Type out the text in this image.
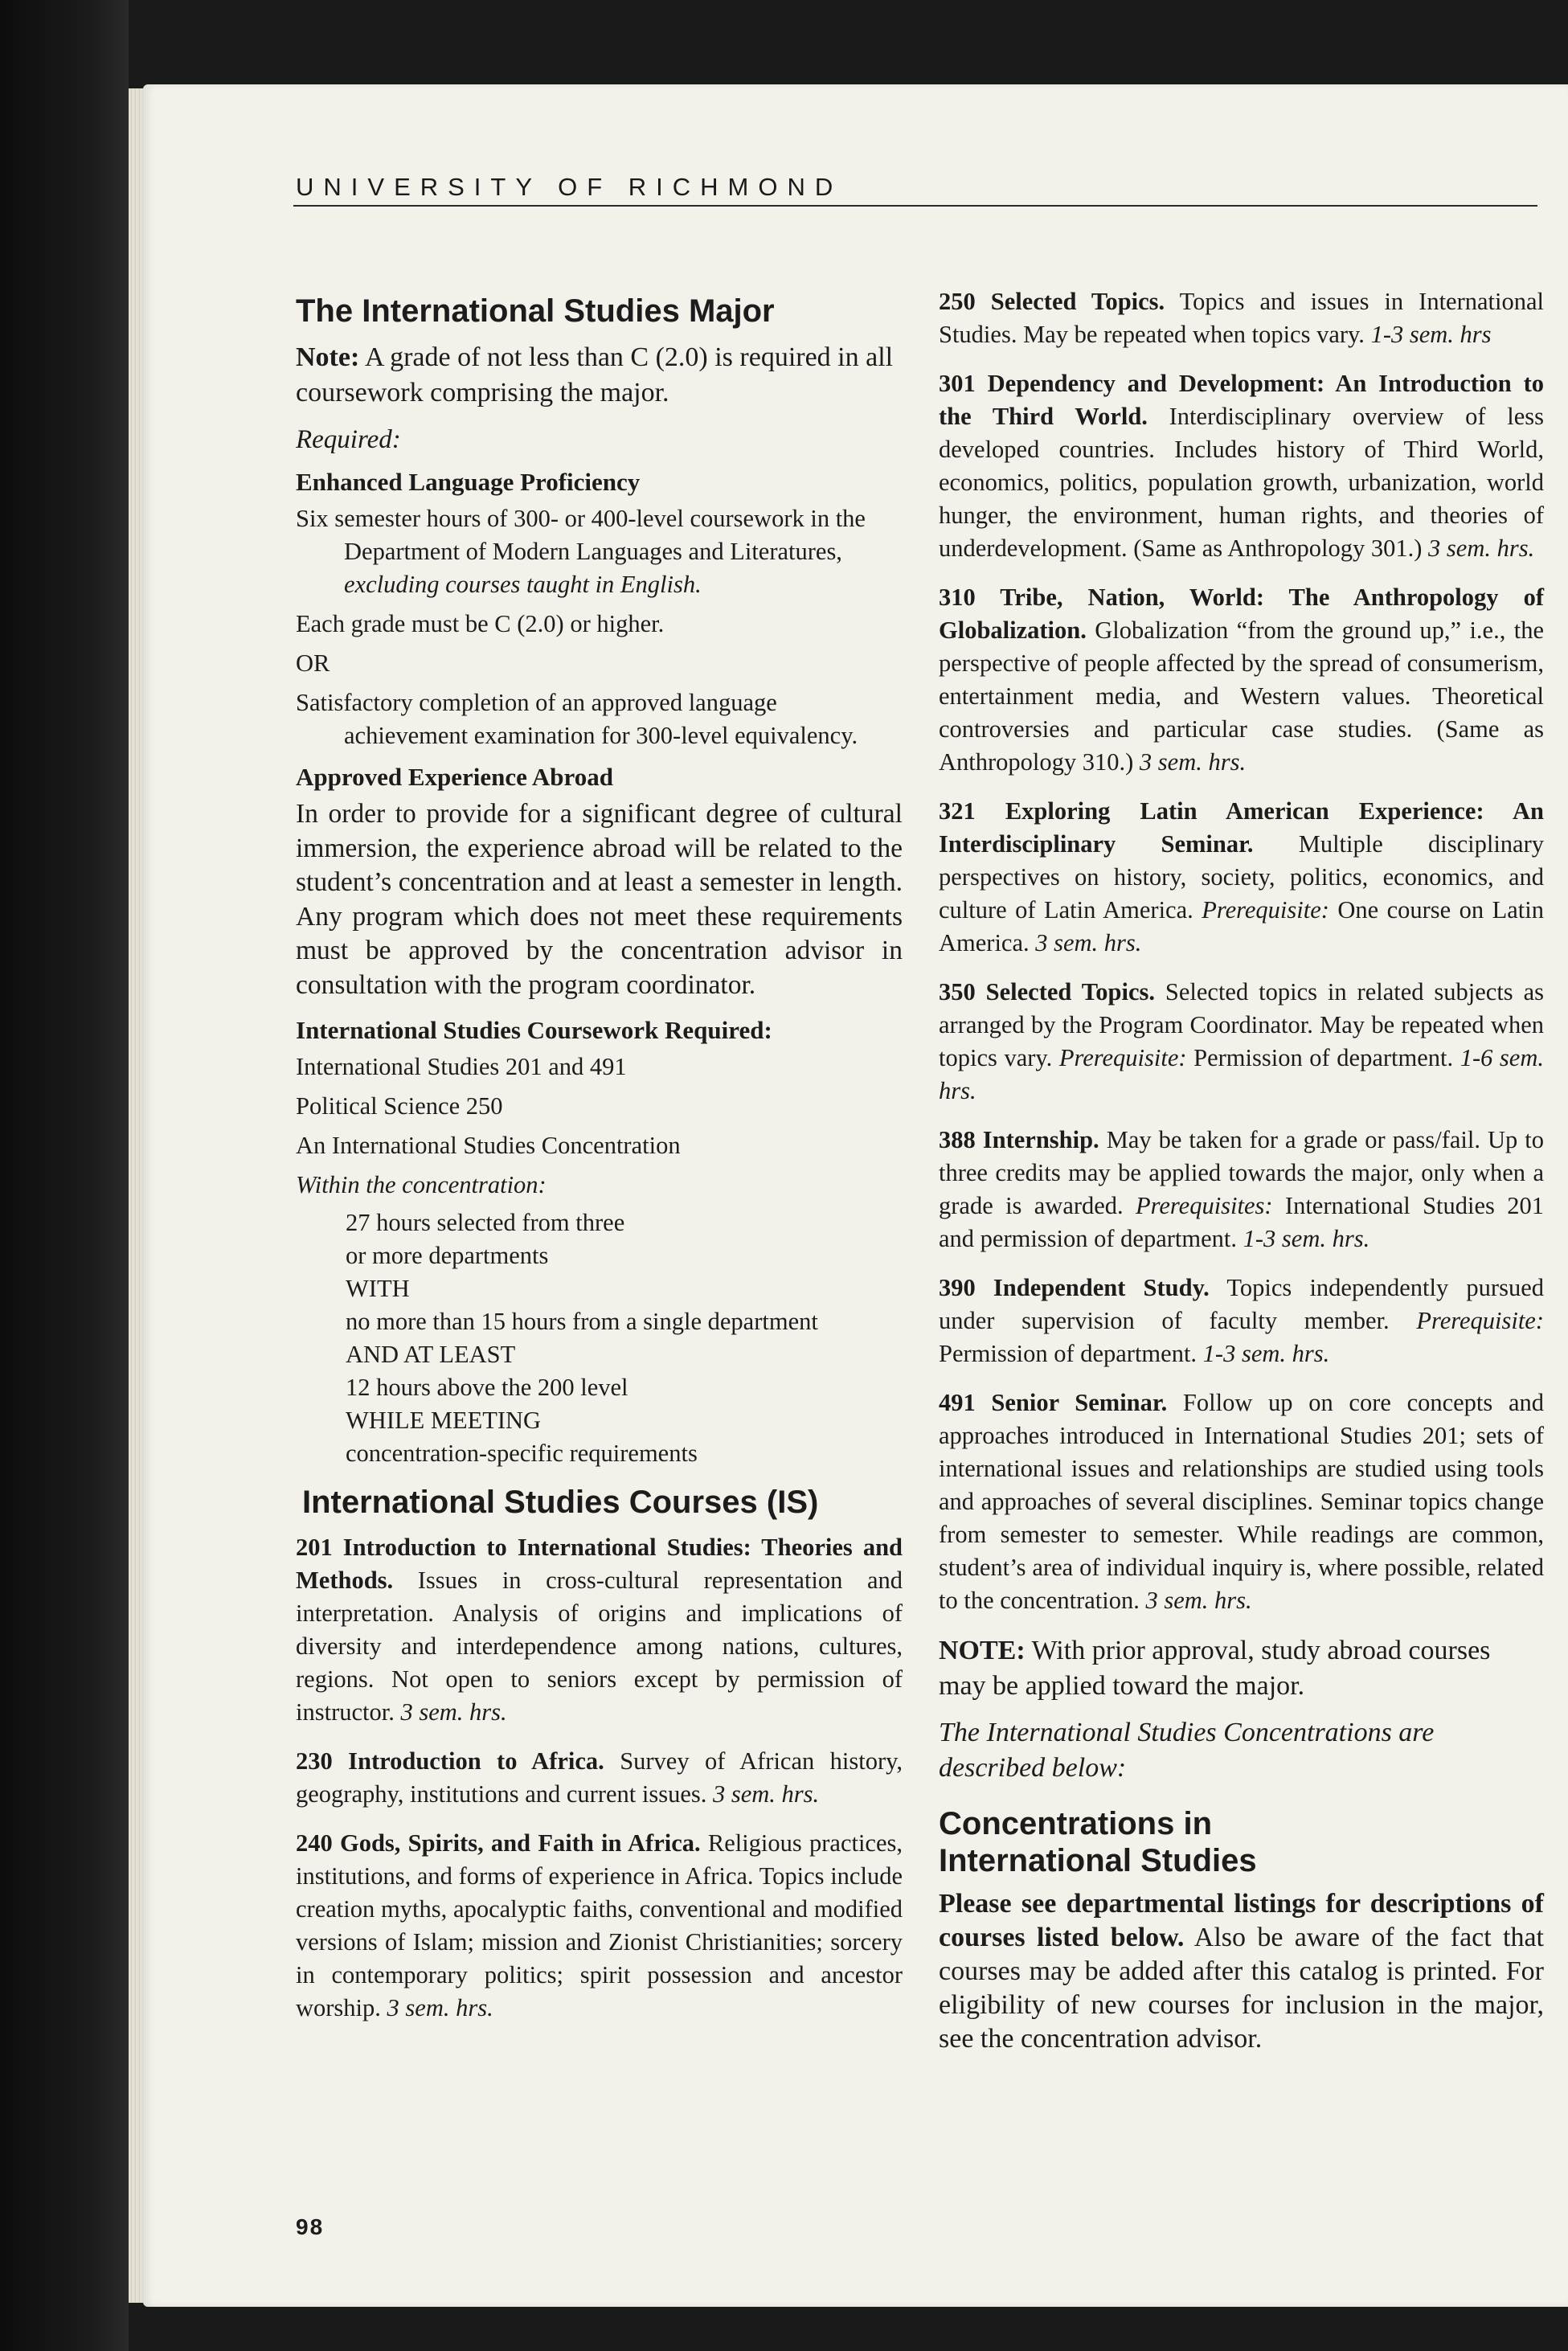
UNIVERSITY OF RICHMOND
The International Studies Major

Note: A grade of not less than C (2.0) is required in all coursework comprising the major.

Required:
Enhanced Language Proficiency

Six semester hours of 300- or 400-level coursework in the Department of Modern Languages and Literatures, excluding courses taught in English.

Each grade must be C (2.0) or higher.

OR

Satisfactory completion of an approved language achievement examination for 300-level equivalency.

Approved Experience Abroad

In order to provide for a significant degree of cultural immersion, the experience abroad will be related to the student’s concentration and at least a semester in length. Any program which does not meet these requirements must be approved by the concentration advisor in consultation with the program coordinator.

International Studies Coursework Required:

International Studies 201 and 491

Political Science 250

An International Studies Concentration

Within the concentration:
27 hours selected from three
or more departments
WITH
no more than 15 hours from a single department
AND AT LEAST
12 hours above the 200 level
WHILE MEETING
concentration-specific requirements
International Studies Courses (IS)

201 Introduction to International Studies: Theories and Methods. Issues in cross-cultural representation and interpretation. Analysis of origins and implications of diversity and interdependence among nations, cultures, regions. Not open to seniors except by permission of instructor. 3 sem. hrs.

230 Introduction to Africa. Survey of African history, geography, institutions and current issues. 3 sem. hrs.

240 Gods, Spirits, and Faith in Africa. Religious practices, institutions, and forms of experience in Africa. Topics include creation myths, apocalyptic faiths, conventional and modified versions of Islam; mission and Zionist Christianities; sorcery in contemporary politics; spirit possession and ancestor worship. 3 sem. hrs.

250 Selected Topics. Topics and issues in International Studies. May be repeated when topics vary. 1-3 sem. hrs

301 Dependency and Development: An Introduction to the Third World. Interdisciplinary overview of less developed countries. Includes history of Third World, economics, politics, population growth, urbanization, world hunger, the environment, human rights, and theories of underdevelopment. (Same as Anthropology 301.) 3 sem. hrs.

310 Tribe, Nation, World: The Anthropology of Globalization. Globalization “from the ground up,” i.e., the perspective of people affected by the spread of consumerism, entertainment media, and Western values. Theoretical controversies and particular case studies. (Same as Anthropology 310.) 3 sem. hrs.

321 Exploring Latin American Experience: An Interdisciplinary Seminar. Multiple disciplinary perspectives on history, society, politics, economics, and culture of Latin America. Prerequisite: One course on Latin America. 3 sem. hrs.

350 Selected Topics. Selected topics in related subjects as arranged by the Program Coordinator. May be repeated when topics vary. Prerequisite: Permission of department. 1-6 sem. hrs.

388 Internship. May be taken for a grade or pass/fail. Up to three credits may be applied towards the major, only when a grade is awarded. Prerequisites: International Studies 201 and permission of department. 1-3 sem. hrs.

390 Independent Study. Topics independently pursued under supervision of faculty member. Prerequisite: Permission of department. 1-3 sem. hrs.

491 Senior Seminar. Follow up on core concepts and approaches introduced in International Studies 201; sets of international issues and relationships are studied using tools and approaches of several disciplines. Seminar topics change from semester to semester. While readings are common, student’s area of individual inquiry is, where possible, related to the concentration. 3 sem. hrs.

NOTE: With prior approval, study abroad courses may be applied toward the major.

The International Studies Concentrations are described below:

Concentrations in
International Studies

Please see departmental listings for descriptions of courses listed below. Also be aware of the fact that courses may be added after this catalog is printed. For eligibility of new courses for inclusion in the major, see the concentration advisor.

98
